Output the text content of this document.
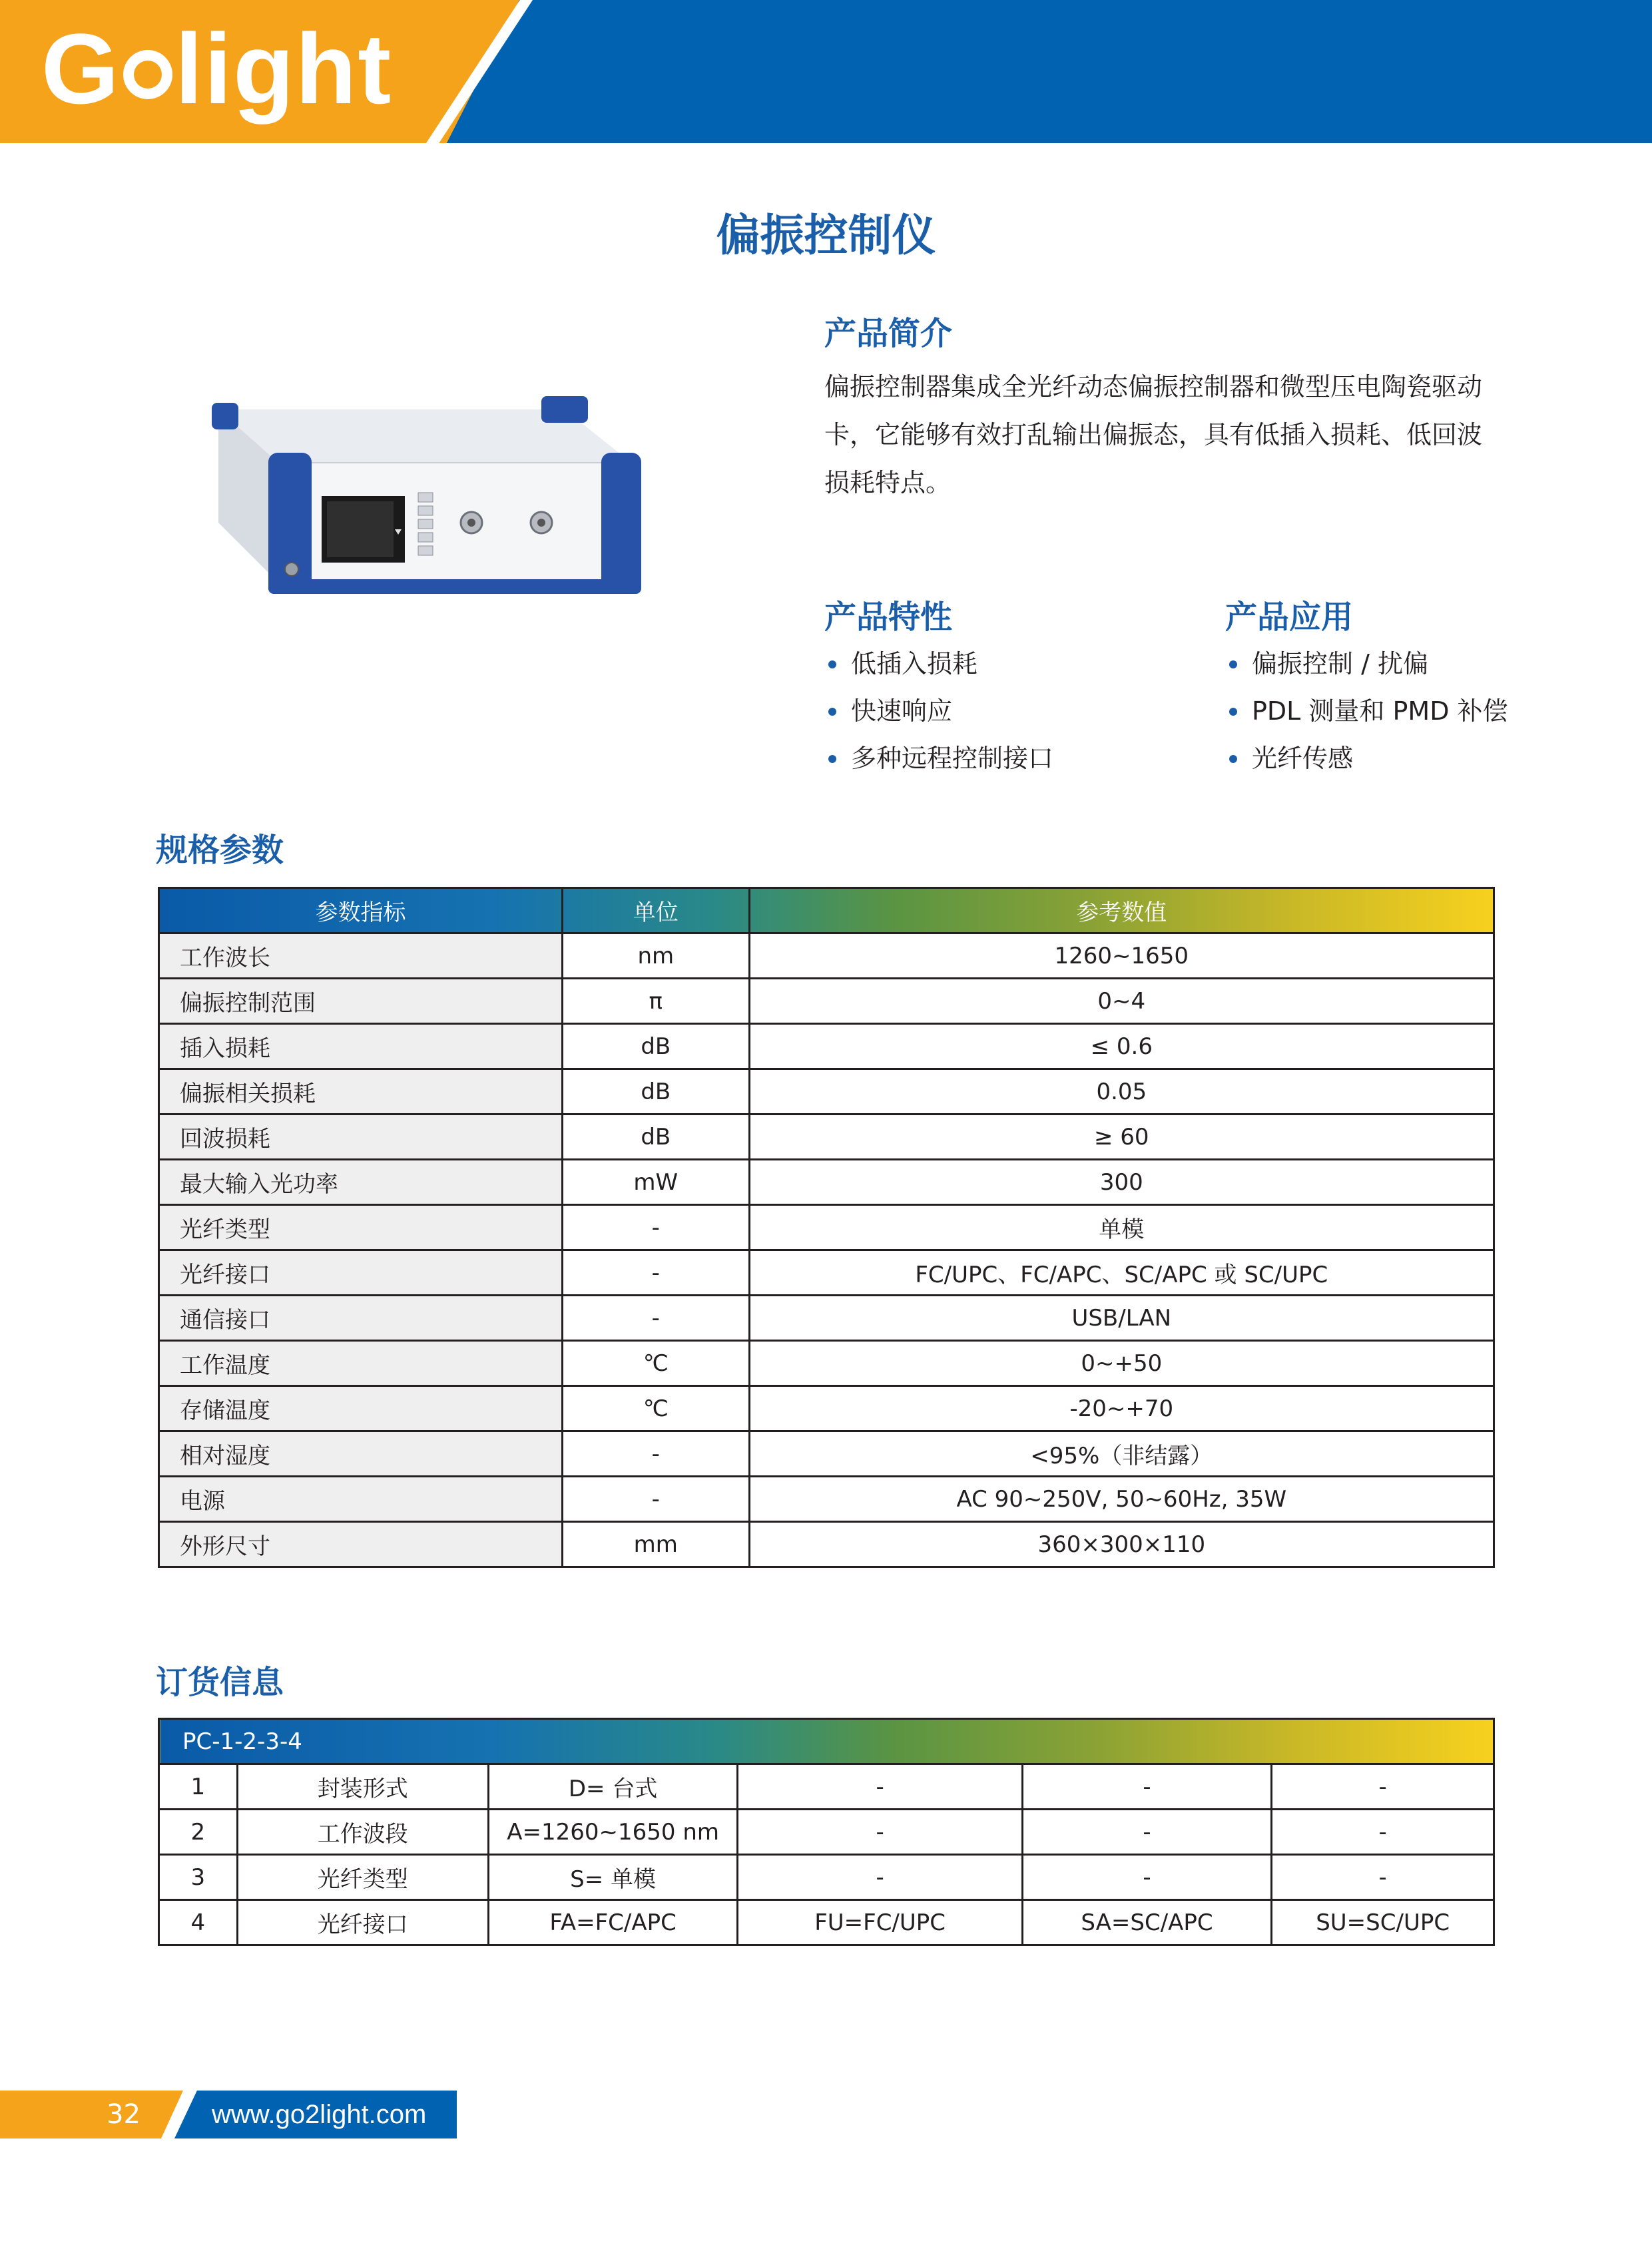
G light
偏振控制仪
产品简介
偏振控制器集成全光纤动态偏振控制器和微型压电陶瓷驱动卡，它能够有效打乱输出偏振态，具有低插入损耗、低回波损耗特点。
产品特性
低插入损耗
快速响应
多种远程控制接口
产品应用
偏振控制 / 扰偏
PDL 测量和 PMD 补偿
光纤传感
规格参数
参数指标	单位	参考数值
工作波长	nm	1260~1650
偏振控制范围	π	0~4
插入损耗	dB	≤ 0.6
偏振相关损耗	dB	0.05
回波损耗	dB	≥ 60
最大输入光功率	mW	300
光纤类型	-	单模
光纤接口	-	FC/UPC、FC/APC、SC/APC 或 SC/UPC
通信接口	-	USB/LAN
工作温度	℃	0~+50
存储温度	℃	-20~+70
相对湿度	-	<95%（非结露）
电源	-	AC 90~250V, 50~60Hz, 35W
外形尺寸	mm	360×300×110
订货信息
PC-1-2-3-4					
1	封装形式	D= 台式	-	-	-
2	工作波段	A=1260~1650 nm	-	-	-
3	光纤类型	S= 单模	-	-	-
4	光纤接口	FA=FC/APC	FU=FC/UPC	SA=SC/APC	SU=SC/UPC
32	www.go2light.com
